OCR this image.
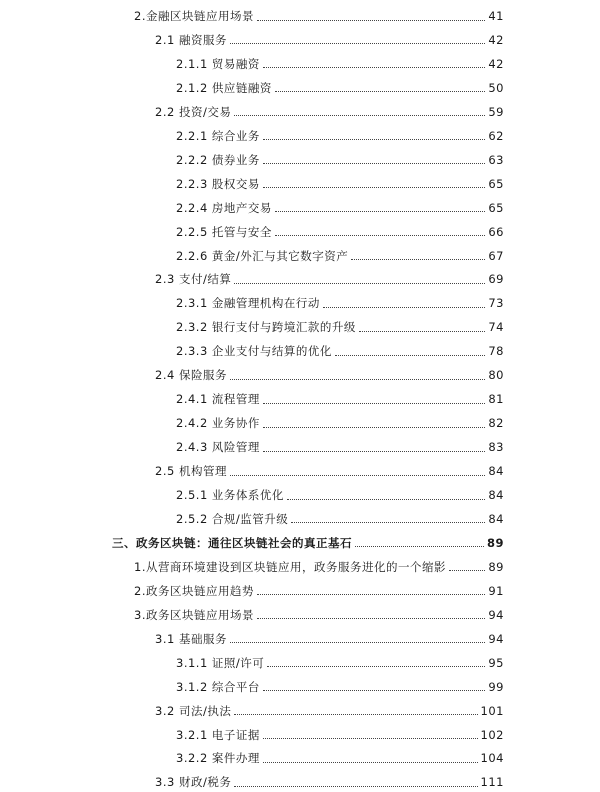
2.金融区块链应用场景	41
2.1 融资服务	42
2.1.1 贸易融资	42
2.1.2 供应链融资	50
2.2 投资/交易	59
2.2.1 综合业务	62
2.2.2 债券业务	63
2.2.3 股权交易	65
2.2.4 房地产交易	65
2.2.5 托管与安全	66
2.2.6 黄金/外汇与其它数字资产	67
2.3 支付/结算	69
2.3.1 金融管理机构在行动	73
2.3.2 银行支付与跨境汇款的升级	74
2.3.3 企业支付与结算的优化	78
2.4 保险服务	80
2.4.1 流程管理	81
2.4.2 业务协作	82
2.4.3 风险管理	83
2.5 机构管理	84
2.5.1 业务体系优化	84
2.5.2 合规/监管升级	84
三、政务区块链：通往区块链社会的真正基石	89
1.从营商环境建设到区块链应用，政务服务进化的一个缩影	89
2.政务区块链应用趋势	91
3.政务区块链应用场景	94
3.1 基础服务	94
3.1.1 证照/许可	95
3.1.2 综合平台	99
3.2 司法/执法	101
3.2.1 电子证据	102
3.2.2 案件办理	104
3.3 财政/税务	111
